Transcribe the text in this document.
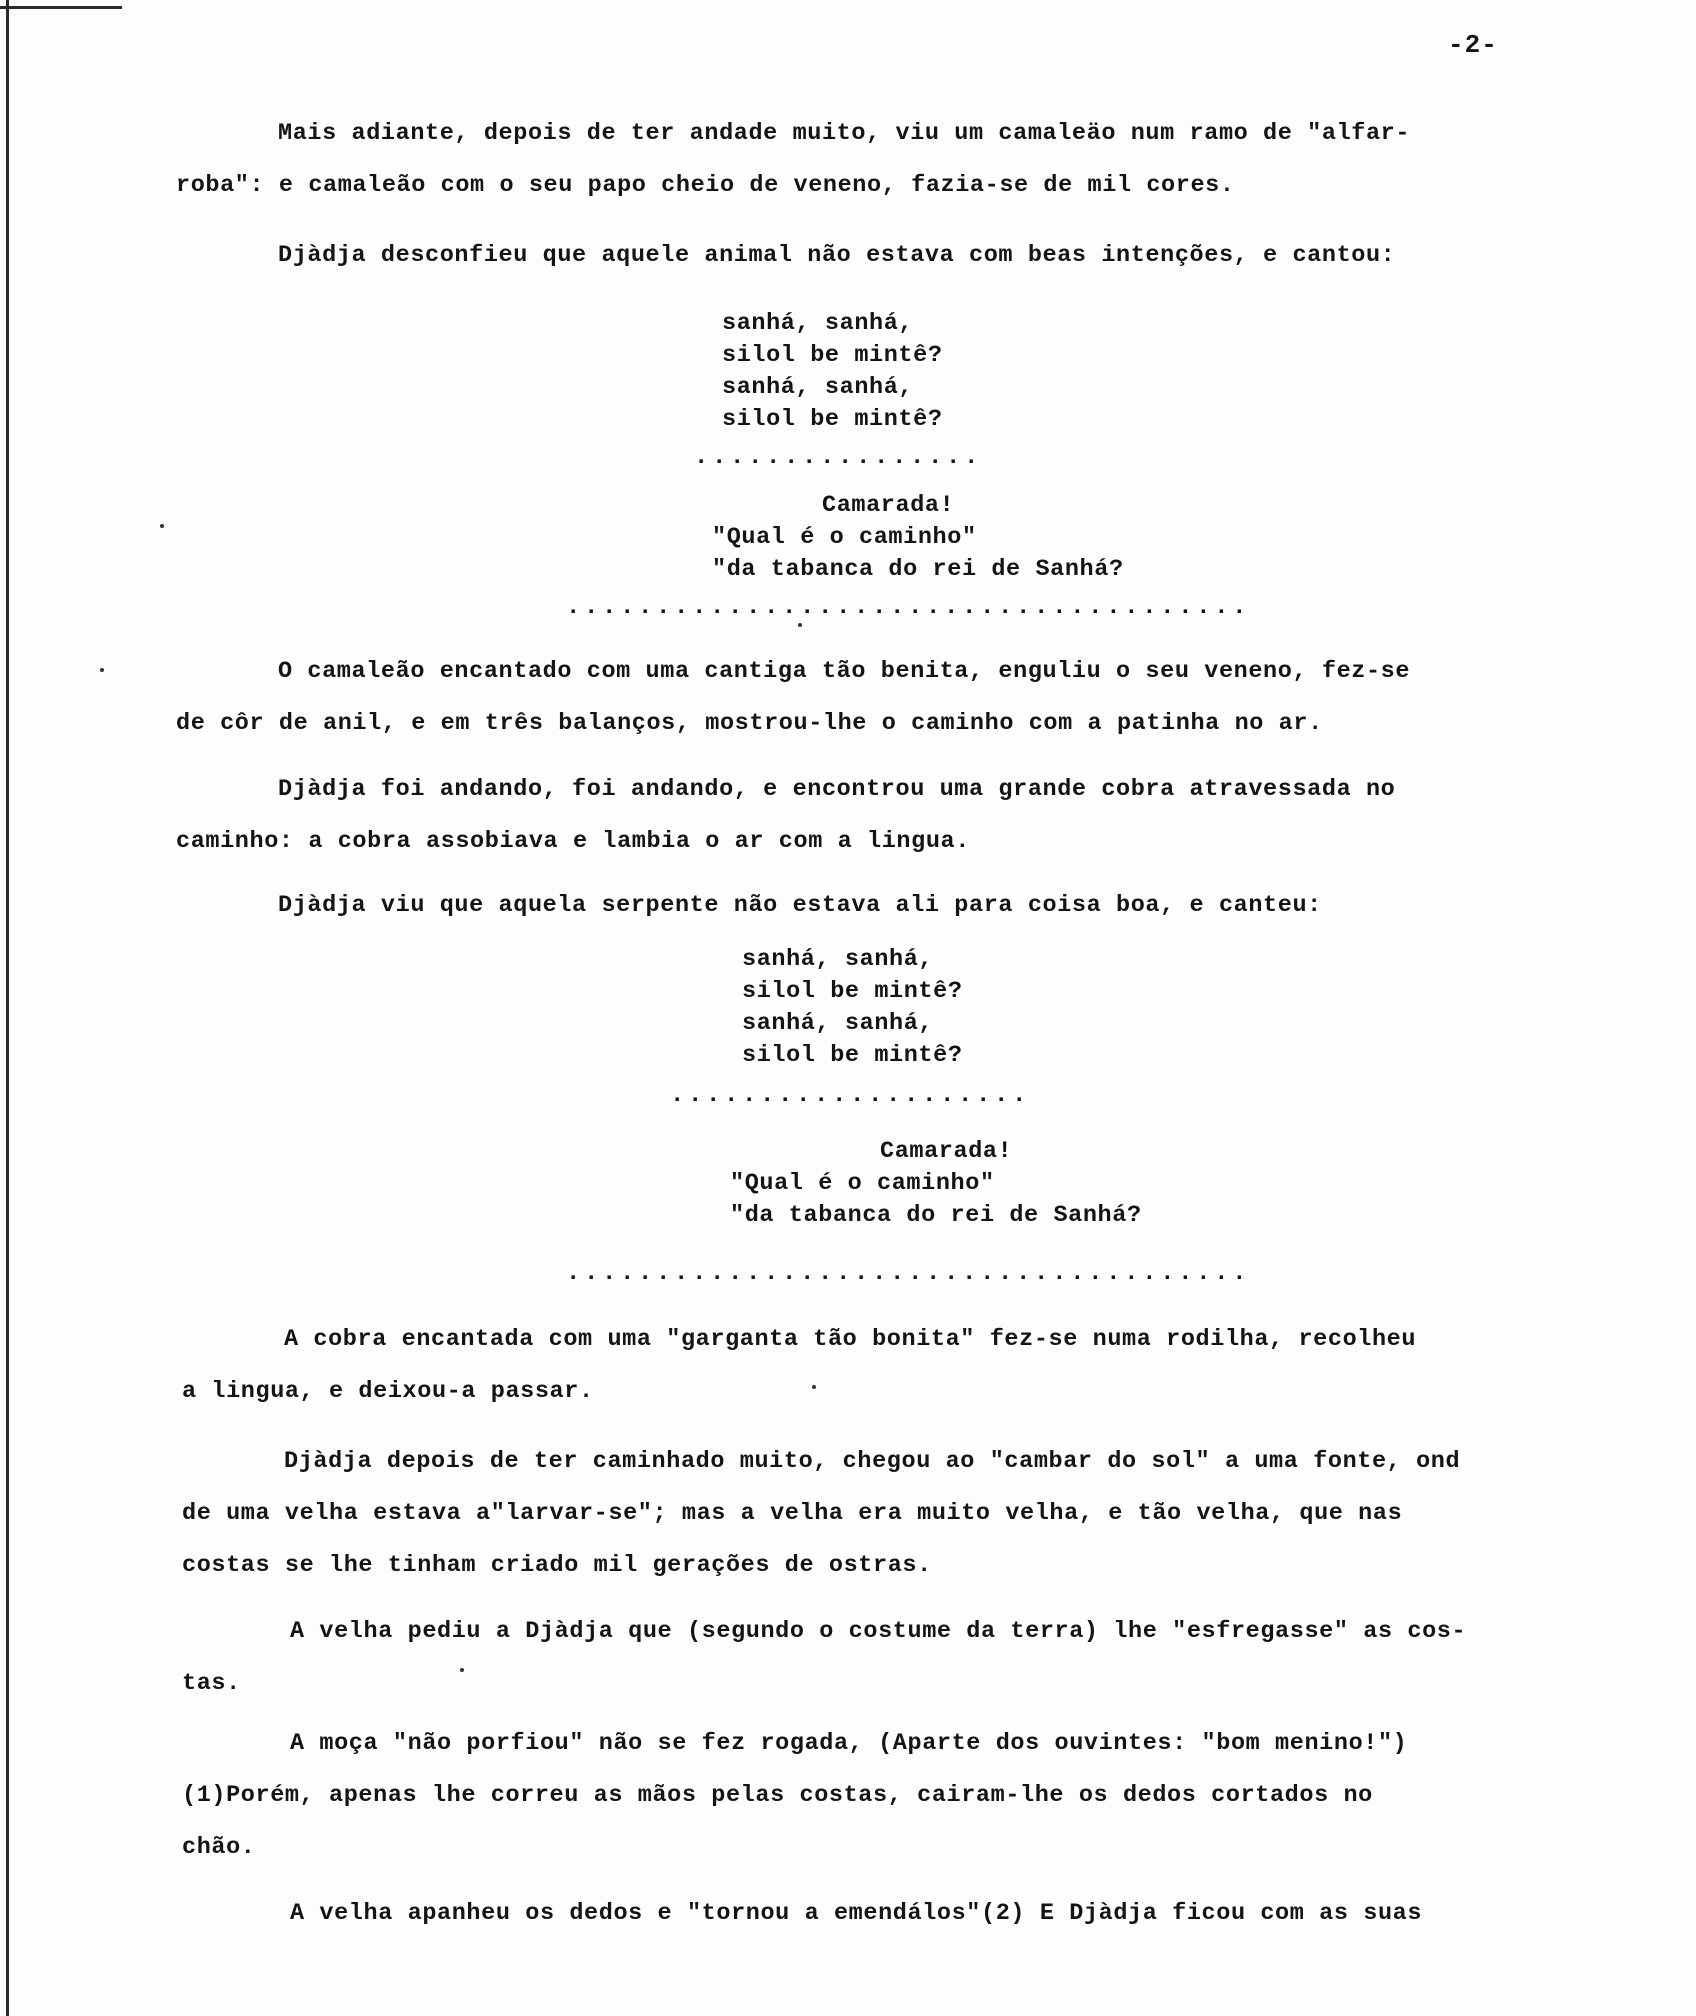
-2-
Mais adiante, depois de ter andade muito, viu um camaleäo num ramo de "alfar-
roba": e camaleão com o seu papo cheio de veneno, fazia-se de mil cores.
Djàdja desconfieu que aquele animal não estava com beas intenções, e cantou:
sanhá, sanhá,
silol be mintê?
sanhá, sanhá,
silol be mintê?
................
Camarada!
"Qual é o caminho"
"da tabanca do rei de Sanhá?
......................................
O camaleão encantado com uma cantiga tão benita, enguliu o seu veneno, fez-se
de côr de anil, e em três balanços, mostrou-lhe o caminho com a patinha no ar.
Djàdja foi andando, foi andando, e encontrou uma grande cobra atravessada no
caminho: a cobra assobiava e lambia o ar com a lingua.
Djàdja viu que aquela serpente não estava ali para coisa boa, e canteu:
sanhá, sanhá,
silol be mintê?
sanhá, sanhá,
silol be mintê?
....................
Camarada!
"Qual é o caminho"
"da tabanca do rei de Sanhá?
......................................
A cobra encantada com uma "garganta tão bonita" fez-se numa rodilha, recolheu
a lingua, e deixou-a passar.
Djàdja depois de ter caminhado muito, chegou ao "cambar do sol" a uma fonte, ond
de uma velha estava a"larvar-se"; mas a velha era muito velha, e tão velha, que nas
costas se lhe tinham criado mil gerações de ostras.
A velha pediu a Djàdja que (segundo o costume da terra) lhe "esfregasse" as cos-
tas.
A moça "não porfiou" não se fez rogada, (Aparte dos ouvintes: "bom menino!")
(1)Porém, apenas lhe correu as mãos pelas costas, cairam-lhe os dedos cortados no
chão.
A velha apanheu os dedos e "tornou a emendálos"(2) E Djàdja ficou com as suas
